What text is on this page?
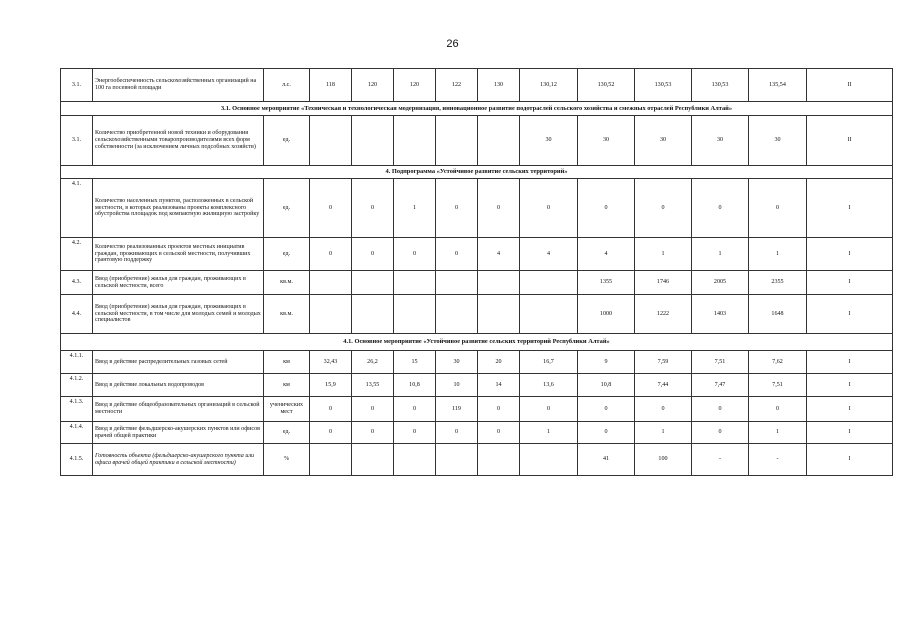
26
3.1.	Энергообеспеченность сельскохозяйственных организаций на 100 га посевной площади	л.с.	118	120	120	122	130	130,12	130,52	130,53	130,53	135,54	II
3.1. Основное мероприятие «Техническая и технологическая модернизация, инновационное развитие подотраслей сельского хозяйства и смежных отраслей Республики Алтай»													
3.1.	Количество приобретенной новой техники и оборудования сельскохозяйственными товаропроизводителями всех форм собственности (за исключением личных подсобных хозяйств)	ед.						30	30	30	30	30	II
4. Подпрограмма «Устойчивое развитие сельских территорий»													
4.1.	Количество населенных пунктов, расположенных в сельской местности, в которых реализованы проекты комплексного обустройства площадок под компактную жилищную застройку	ед.	0	0	1	0	0	0	0	0	0	0	I
4.2.	Количество реализованных проектов местных инициатив граждан, проживающих в сельской местности, получивших грантовую поддержку	ед.	0	0	0	0	4	4	4	1	1	1	I
4.3.	Ввод (приобретение) жилья для граждан, проживающих в сельской местности, всего	кв.м.							1355	1746	2005	2355	I
4.4.	Ввод (приобретение) жилья для граждан, проживающих в сельской местности, в том числе для молодых семей и молодых специалистов	кв.м.							1000	1222	1403	1648	I
4.1. Основное мероприятие «Устойчивое развитие сельских территорий Республики Алтай»													
4.1.1.	Ввод в действие распределительных газовых сетей	км	32,43	26,2	15	30	20	16,7	9	7,59	7,51	7,62	I
4.1.2.	Ввод в действие локальных водопроводов	км	15,9	13,55	10,8	10	14	13,6	10,8	7,44	7,47	7,51	I
4.1.3.	Ввод в действие общеобразовательных организаций в сельской местности	ученических мест	0	0	0	119	0	0	0	0	0	0	I
4.1.4.	Ввод в действие фельдшерско-акушерских пунктов или офисов врачей общей практики	ед.	0	0	0	0	0	1	0	1	0	1	I
4.1.5.	Готовность объекта (фельдшерско-акушерского пункта или офиса врачей общей практики в сельской местности)	%							41	100	-	-	I
